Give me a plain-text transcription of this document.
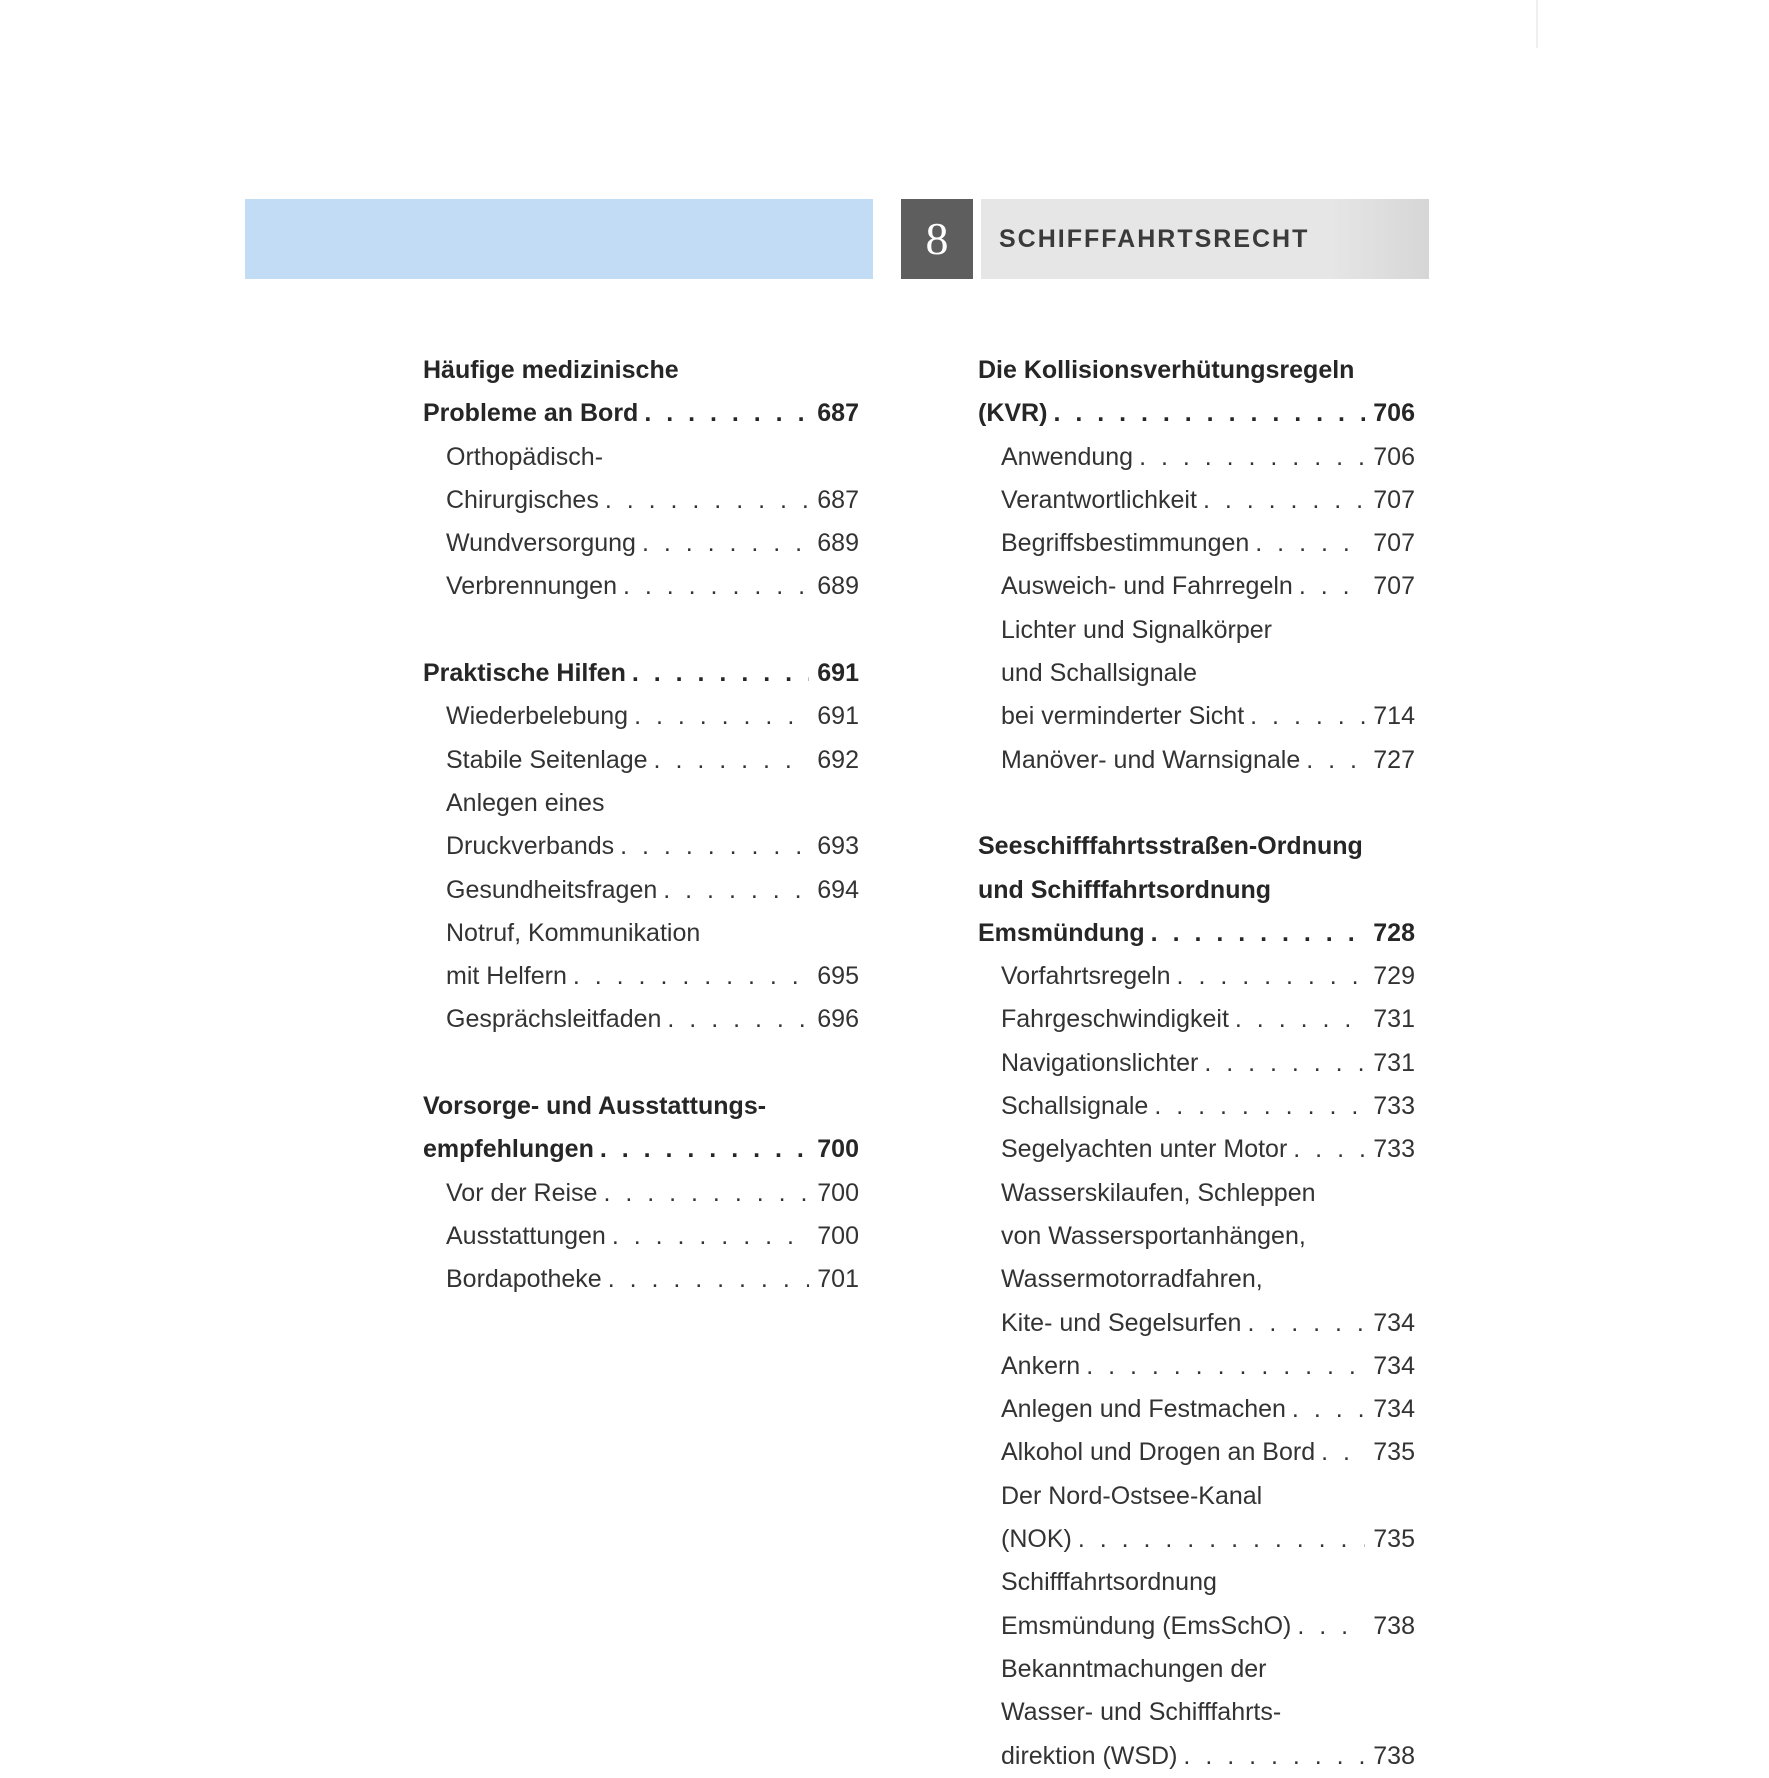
8	SCHIFFFAHRTSRECHT
Häufige medizinische
Probleme an Bord . . .	687
Orthopädisch-
Chirurgisches . . .	687
Wundversorgung . . .	689
Verbrennungen . . .	689
Praktische Hilfen . . .	691
Wiederbelebung . . .	691
Stabile Seitenlage . . .	692
Anlegen eines
Druckverbands . . .	693
Gesundheitsfragen . . .	694
Notruf, Kommunikation
mit Helfern . . .	695
Gesprächsleitfaden . . .	696
Vorsorge- und Ausstattungs-
empfehlungen . . .	700
Vor der Reise . . .	700
Ausstattungen . . .	700
Bordapotheke . . .	701
Die Kollisionsverhütungsregeln
(KVR) . . .	706
Anwendung . . .	706
Verantwortlichkeit . . .	707
Begriffsbestimmungen . . .	707
Ausweich- und Fahrregeln . . .	707
Lichter und Signalkörper
und Schallsignale
bei verminderter Sicht . . .	714
Manöver- und Warnsignale . . .	727
Seeschifffahrtsstraßen-Ordnung
und Schifffahrtsordnung
Emsmündung . . .	728
Vorfahrtsregeln . . .	729
Fahrgeschwindigkeit . . .	731
Navigationslichter . . .	731
Schallsignale . . .	733
Segelyachten unter Motor . . .	733
Wasserskilaufen, Schleppen
von Wassersportanhängen,
Wassermotorradfahren,
Kite- und Segelsurfen . . .	734
Ankern . . .	734
Anlegen und Festmachen . . .	734
Alkohol und Drogen an Bord . . . 735
Der Nord-Ostsee-Kanal
(NOK) . . .	735
Schifffahrtsordnung
Emsmündung (EmsSchO) . . .	738
Bekanntmachungen der
Wasser- und Schifffahrts-
direktion (WSD) . . .	738
